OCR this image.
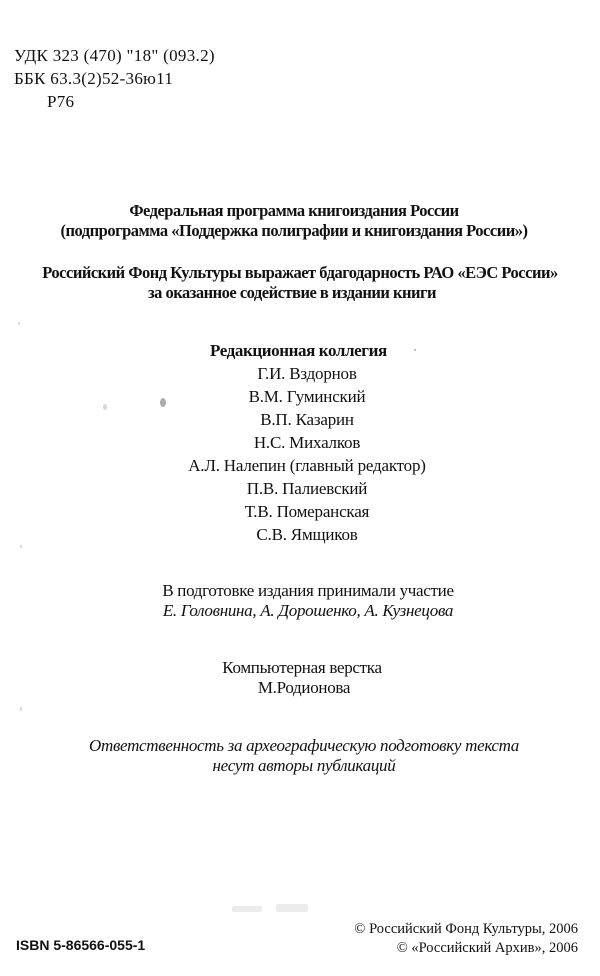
УДК 323 (470) "18" (093.2)
ББК 63.3(2)52-36ю11
Р76
Федеральная программа книгоиздания России
(подпрограмма «Поддержка полиграфии и книгоиздания России»)
Российский Фонд Культуры выражает бдагодарность РАО «ЕЭС России»
за оказанное содействие в издании книги
Редакционная коллегия
Г.И. Вздорнов
В.М. Гуминский
В.П. Казарин
Н.С. Михалков
А.Л. Налепин (главный редактор)
П.В. Палиевский
Т.В. Померанская
С.В. Ямщиков
В подготовке издания принимали участие
Е. Головнина, А. Дорошенко, А. Кузнецова
Компьютерная верстка
М.Родионова
Ответственность за археографическую подготовку текста
несут авторы публикаций
ISBN 5-86566-055-1
© Российский Фонд Культуры, 2006
© «Российский Архив», 2006
